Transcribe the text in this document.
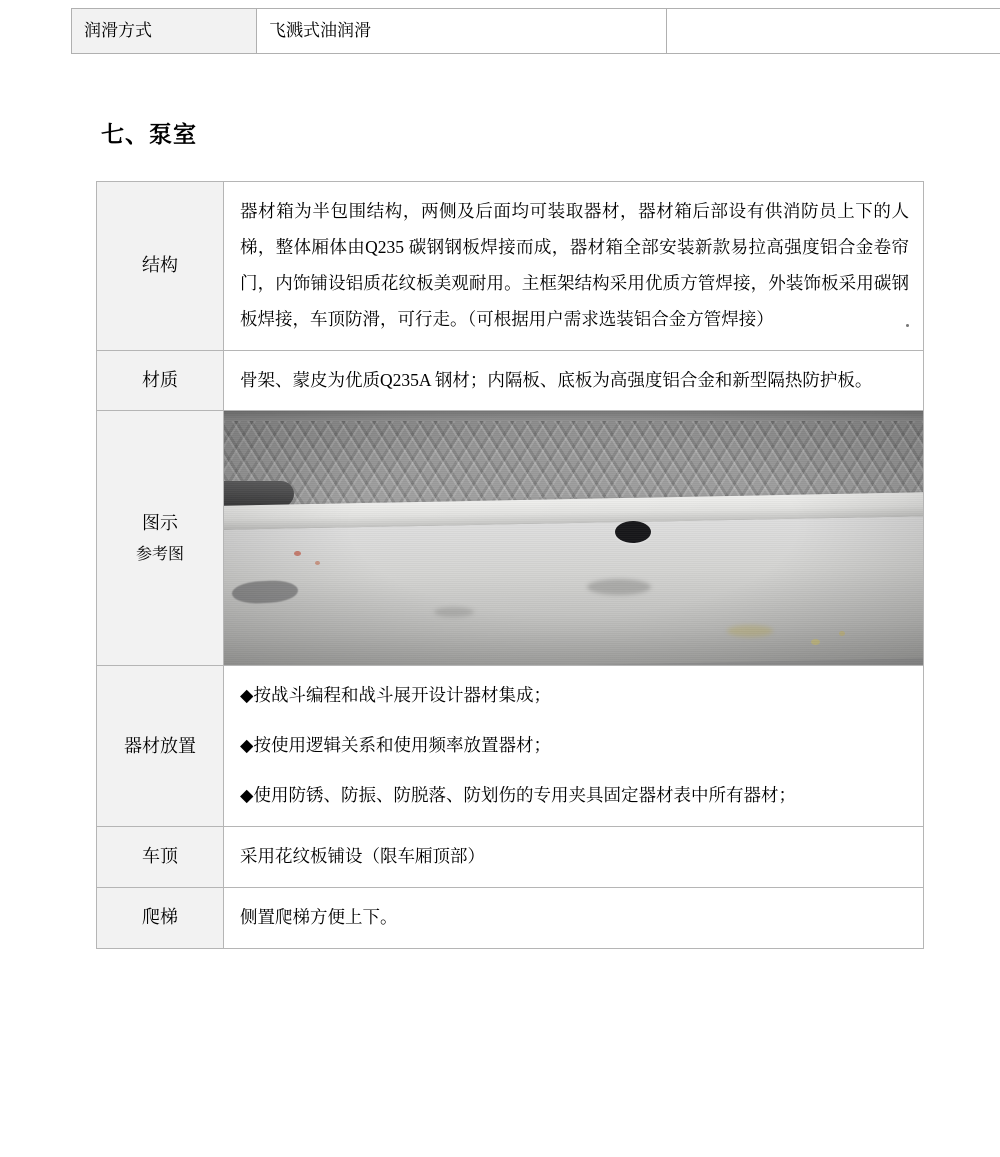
润滑方式	飞溅式油润滑	
七、泵室
结构	器材箱为半包围结构，两侧及后面均可装取器材，器材箱后部设有供消防员上下的人梯，整体厢体由Q235 碳钢钢板焊接而成，器材箱全部安装新款易拉高强度铝合金卷帘门，内饰铺设铝质花纹板美观耐用。主框架结构采用优质方管焊接，外装饰板采用碳钢板焊接，车顶防滑，可行走。（可根据用户需求选装铝合金方管焊接）

材质	骨架、蒙皮为优质Q235A 钢材；内隔板、底板为高强度铝合金和新型隔热防护板。

图示
参考图	

器材放置	◆按战斗编程和战斗展开设计器材集成；

◆按使用逻辑关系和使用频率放置器材；

◆使用防锈、防振、防脱落、防划伤的专用夹具固定器材表中所有器材；

车顶	采用花纹板铺设（限车厢顶部）

爬梯	侧置爬梯方便上下。
